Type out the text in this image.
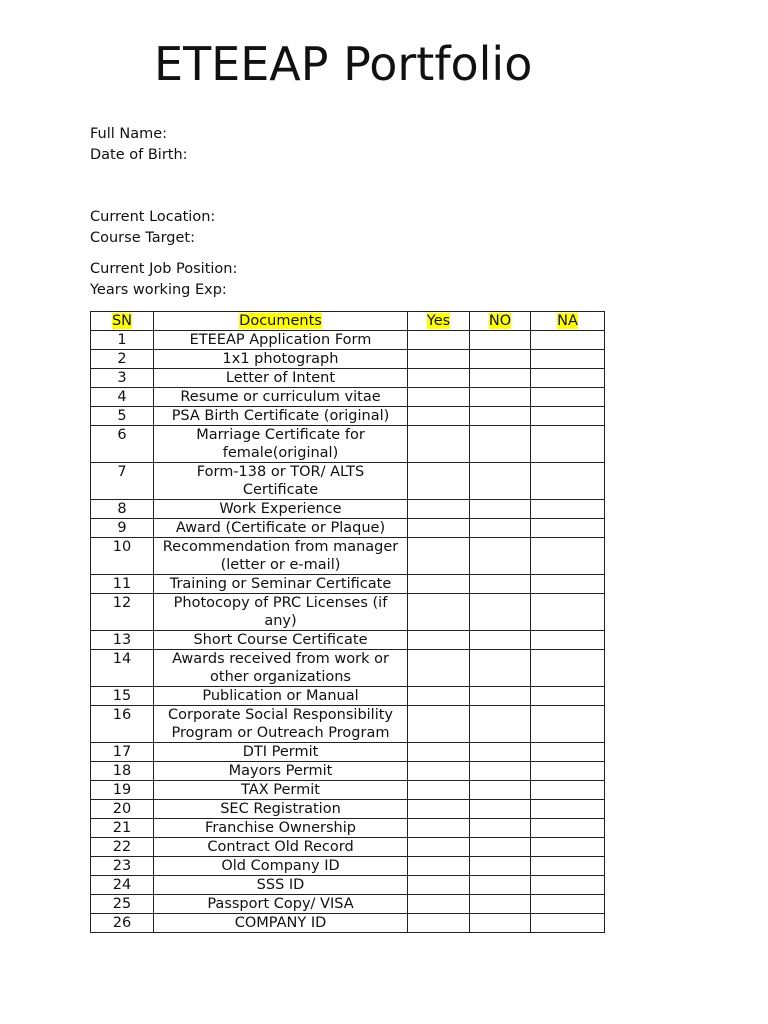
ETEEAP Portfolio
Full Name:
Date of Birth:
Current Location:
Course Target:
Current Job Position:
Years working Exp:
SN	Documents	Yes	NO	NA
1	ETEEAP Application Form			
2	1x1 photograph			
3	Letter of Intent			
4	Resume or curriculum vitae			
5	PSA Birth Certificate (original)			
6	Marriage Certificate for female(original)			
7	Form-138 or TOR/ ALTS Certificate			
8	Work Experience			
9	Award (Certificate or Plaque)			
10	Recommendation from manager (letter or e-mail)			
11	Training or Seminar Certificate			
12	Photocopy of PRC Licenses (if any)			
13	Short Course Certificate			
14	Awards received from work or other organizations			
15	Publication or Manual			
16	Corporate Social Responsibility Program or Outreach Program			
17	DTI Permit			
18	Mayors Permit			
19	TAX Permit			
20	SEC Registration			
21	Franchise Ownership			
22	Contract Old Record			
23	Old Company ID			
24	SSS ID			
25	Passport Copy/ VISA			
26	COMPANY ID			
